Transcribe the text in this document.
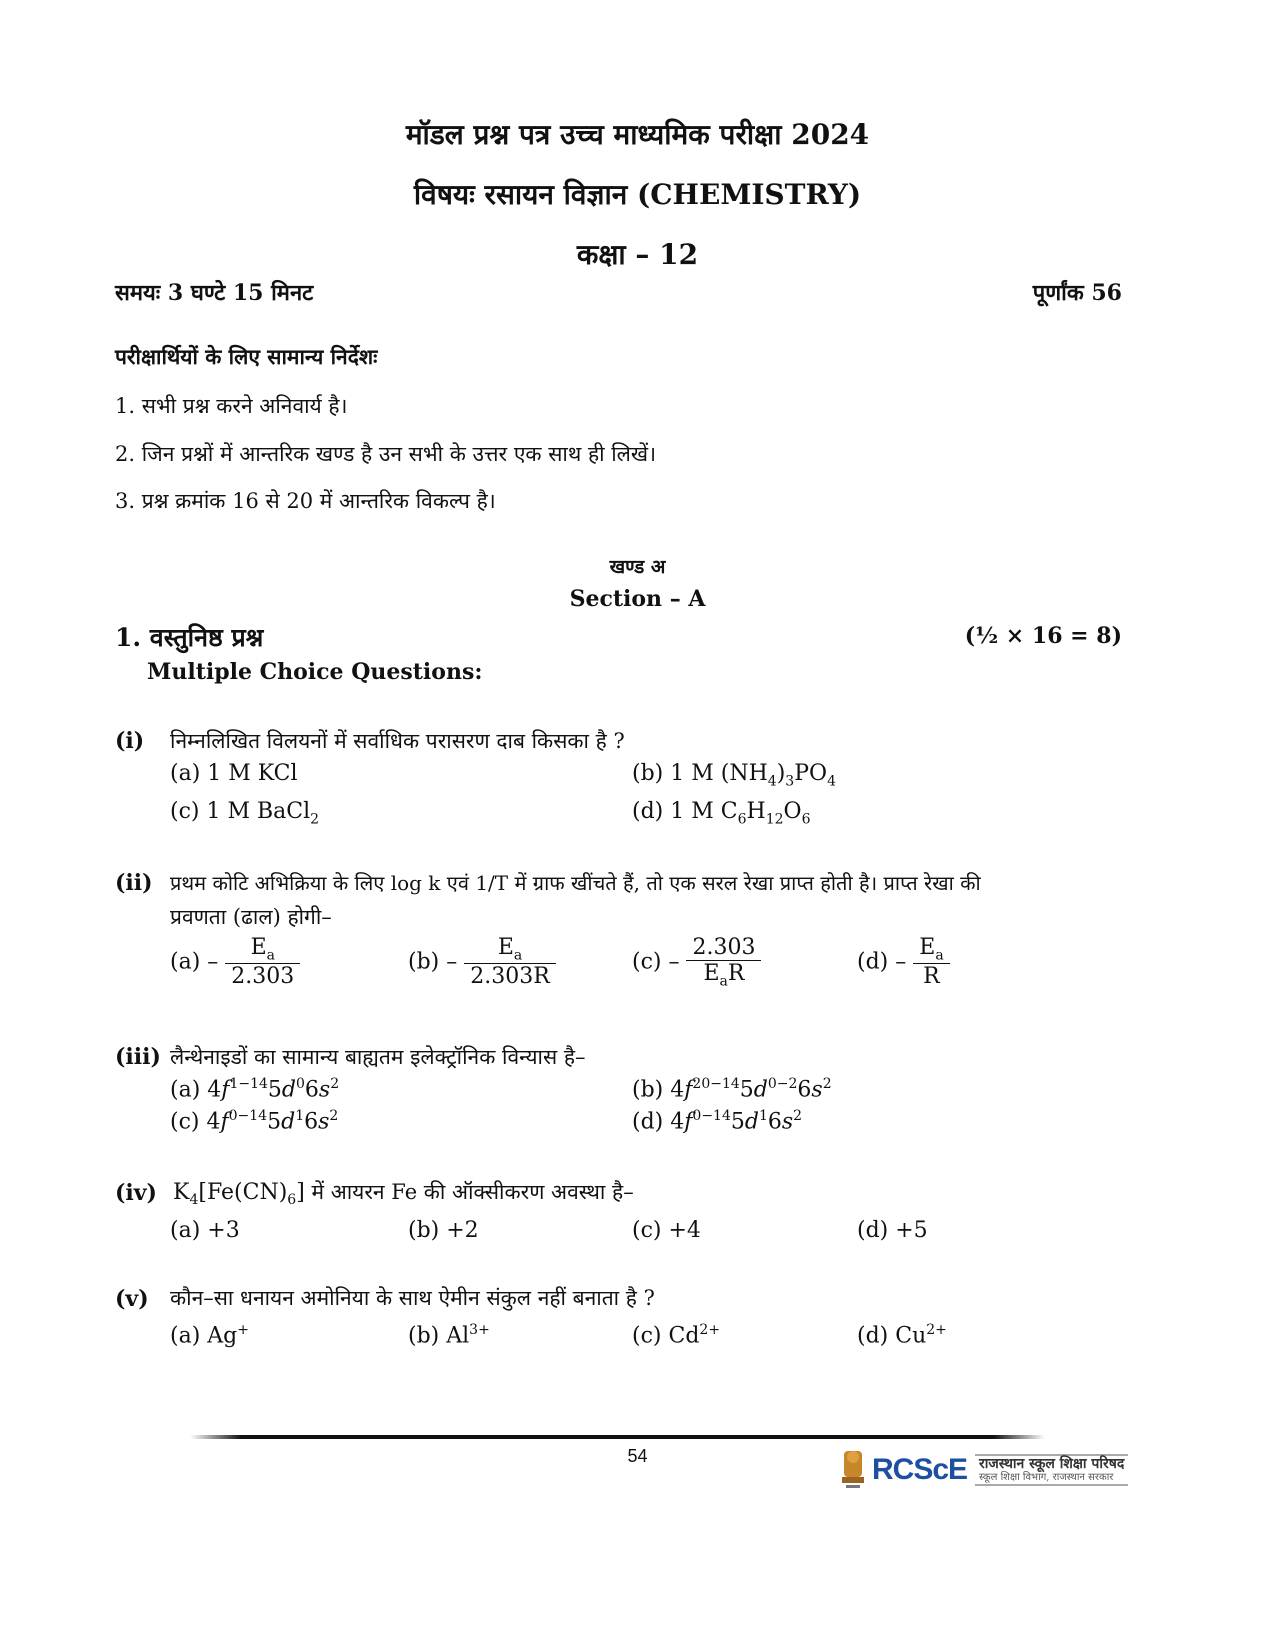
मॉडल प्रश्न पत्र उच्च माध्यमिक परीक्षा 2024
विषयः रसायन विज्ञान (CHEMISTRY)
कक्षा – 12
समयः 3 घण्टे 15 मिनट	पूर्णांक 56
परीक्षार्थियों के लिए सामान्य निर्देशः
1. सभी प्रश्न करने अनिवार्य है।
2. जिन प्रश्नों में आन्तरिक खण्ड है उन सभी के उत्तर एक साथ ही लिखें।
3. प्रश्न क्रमांक 16 से 20 में आन्तरिक विकल्प है।
खण्ड अ
Section – A
1. वस्तुनिष्ठ प्रश्न	(½ × 16 = 8)
Multiple Choice Questions:
(i) निम्नलिखित विलयनों में सर्वाधिक परासरण दाब किसका है ?
(a) 1 M KCl	(b) 1 M $(NH_4)_3PO_4$
(c) 1 M BaCl$_2$	(d) 1 M $C_6H_{12}O_6$
(ii) प्रथम कोटि अभिक्रिया के लिए log k एवं 1/T में ग्राफ खींचते हैं, तो एक सरल रेखा प्राप्त होती है। प्राप्त रेखा की
प्रवणता (ढाल) होगी–
$(a) - \frac{E_a}{2.303}$	$(b) - \frac{E_a}{2.303R}$	$(c) - \frac{2.303}{E_aR}$	$(d) - \frac{E_a}{R}$
(iii) लैन्थेनाइडों का सामान्य बाह्यतम इलेक्ट्रॉनिक विन्यास है–
(a) $4f^{1-14}5d^06s^2$	(b) $4f^{20-14}5d^{0-2}6s^2$
(c) $4f^{0-14}5d^16s^2$	(d) $4f^{0-14}5d^16s^2$
(iv) $K_4[Fe(CN)_6]$ में आयरन Fe की ऑक्सीकरण अवस्था है–
(a) +3	(b) +2	(c) +4	(d) +5
(v) कौन–सा धनायन अमोनिया के साथ ऐमीन संकुल नहीं बनाता है ?
(a) Ag+	(b) $Al^{3+}$	(c) $Cd^{2+}$	(d) $Cu^{2+}$
54	RCScE राजस्थान स्कूल शिक्षा परिषद
स्कूल शिक्षा विभाग, राजस्थान सरकार
